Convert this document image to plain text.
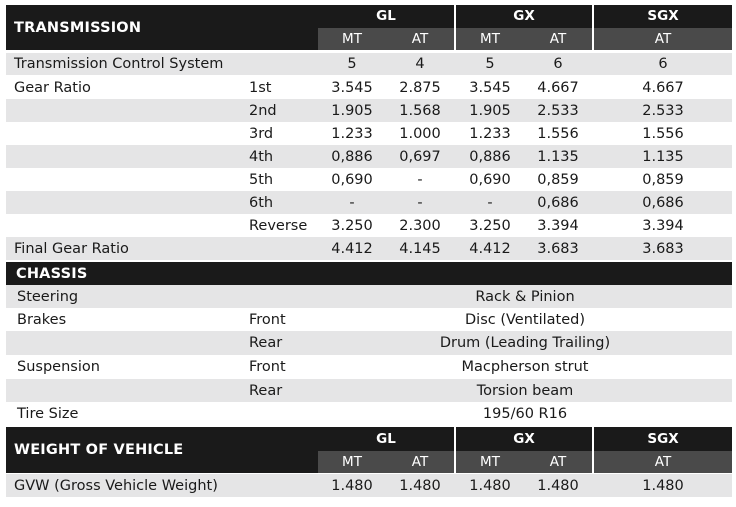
TRANSMISSION
GL	GX	SGX
MT	AT	MT	AT	AT
Transmission Control System	5	4	5	6	6
Gear Ratio	1st	3.545	2.875	3.545	4.667	4.667
2nd	1.905	1.568	1.905	2.533	2.533
3rd	1.233	1.000	1.233	1.556	1.556
4th	0,886	0,697	0,886	1.135	1.135
5th	0,690	-	0,690	0,859	0,859
6th	-	-	-	0,686	0,686
Reverse	3.250	2.300	3.250	3.394	3.394
Final Gear Ratio	4.412	4.145	4.412	3.683	3.683
CHASSIS
Steering	Rack & Pinion
Brakes	Front	Disc (Ventilated)
Rear	Drum (Leading Trailing)
Suspension	Front	Macpherson strut
Rear	Torsion beam
Tire Size	195/60 R16
WEIGHT OF VEHICLE
GL	GX	SGX
MT	AT	MT	AT	AT
GVW (Gross Vehicle Weight)	1.480	1.480	1.480	1.480	1.480
